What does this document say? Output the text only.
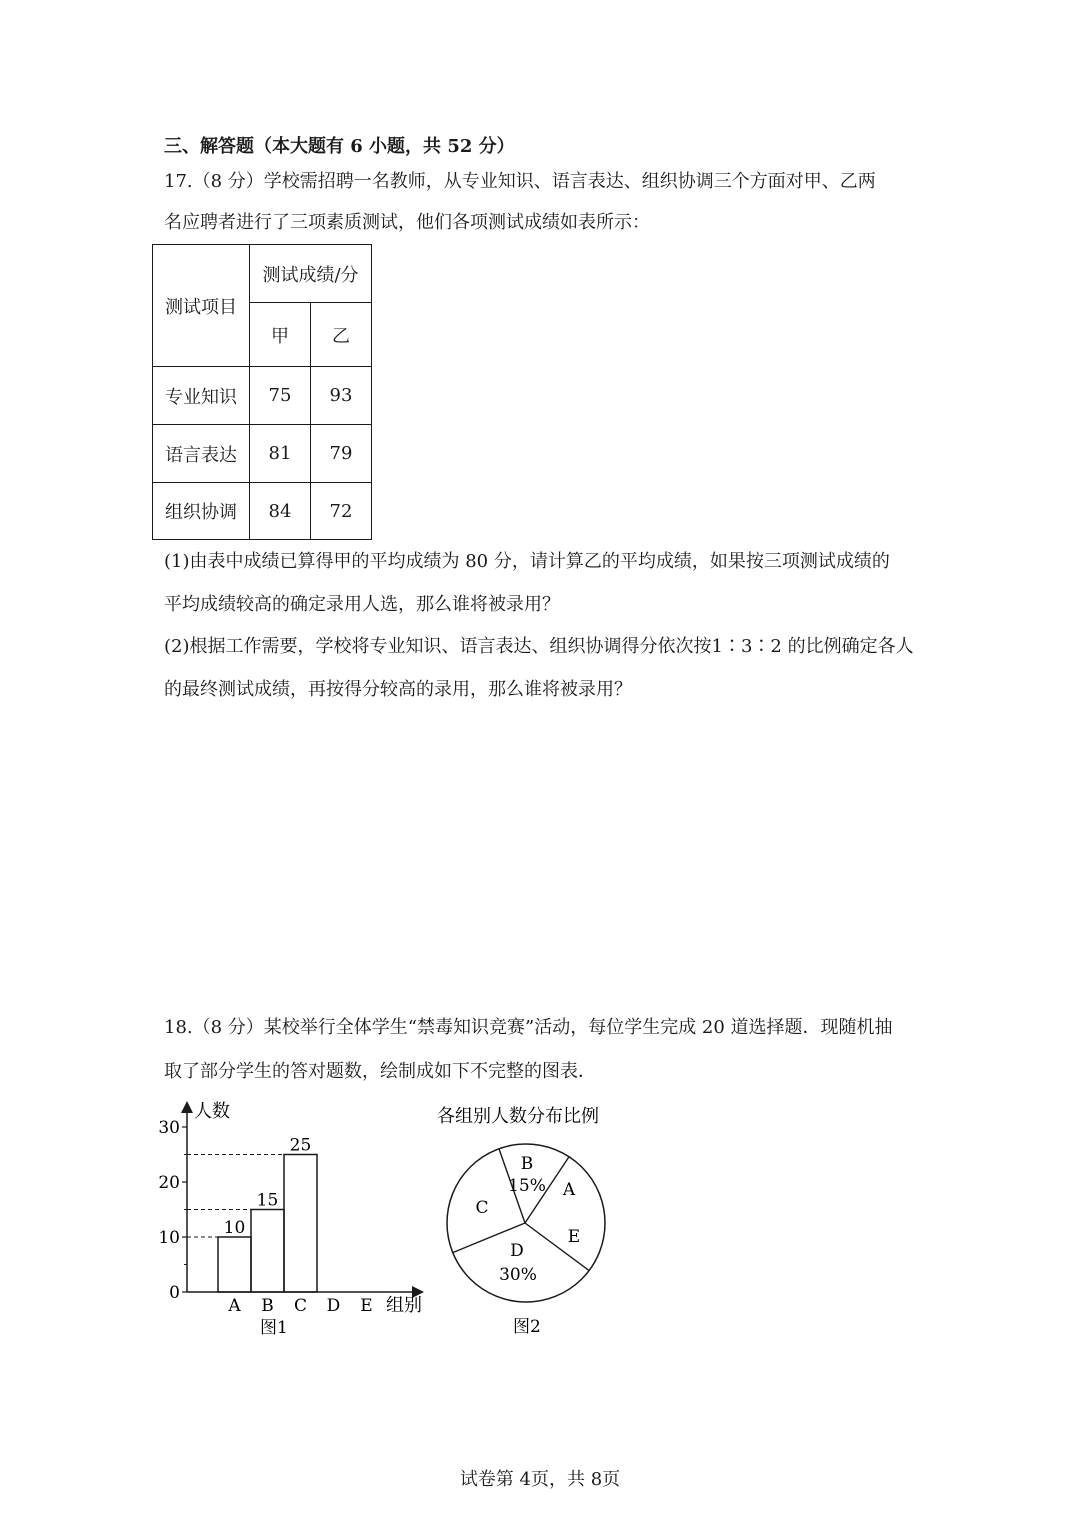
三、解答题（本大题有 6 小题，共 52 分）
17.（8 分）学校需招聘一名教师，从专业知识、语言表达、组织协调三个方面对甲、乙两
名应聘者进行了三项素质测试，他们各项测试成绩如表所示：
测试项目	测试成绩/分	
	甲	乙
专业知识	75	93
语言表达	81	79
组织协调	84	72
(1)由表中成绩已算得甲的平均成绩为 80 分，请计算乙的平均成绩，如果按三项测试成绩的
平均成绩较高的确定录用人选，那么谁将被录用？
(2)根据工作需要，学校将专业知识、语言表达、组织协调得分依次按1∶3∶2 的比例确定各人
的最终测试成绩，再按得分较高的录用，那么谁将被录用？
18.（8 分）某校举行全体学生“禁毒知识竞赛”活动，每位学生完成 20 道选择题．现随机抽
取了部分学生的答对题数，绘制成如下不完整的图表．
0
10
20
30
A B C D E
10
15
25
人数
组别
图1
各组别人数分布比例
A
B
C
D
E
15%
30%
图2
试卷第 4页，共 8页
